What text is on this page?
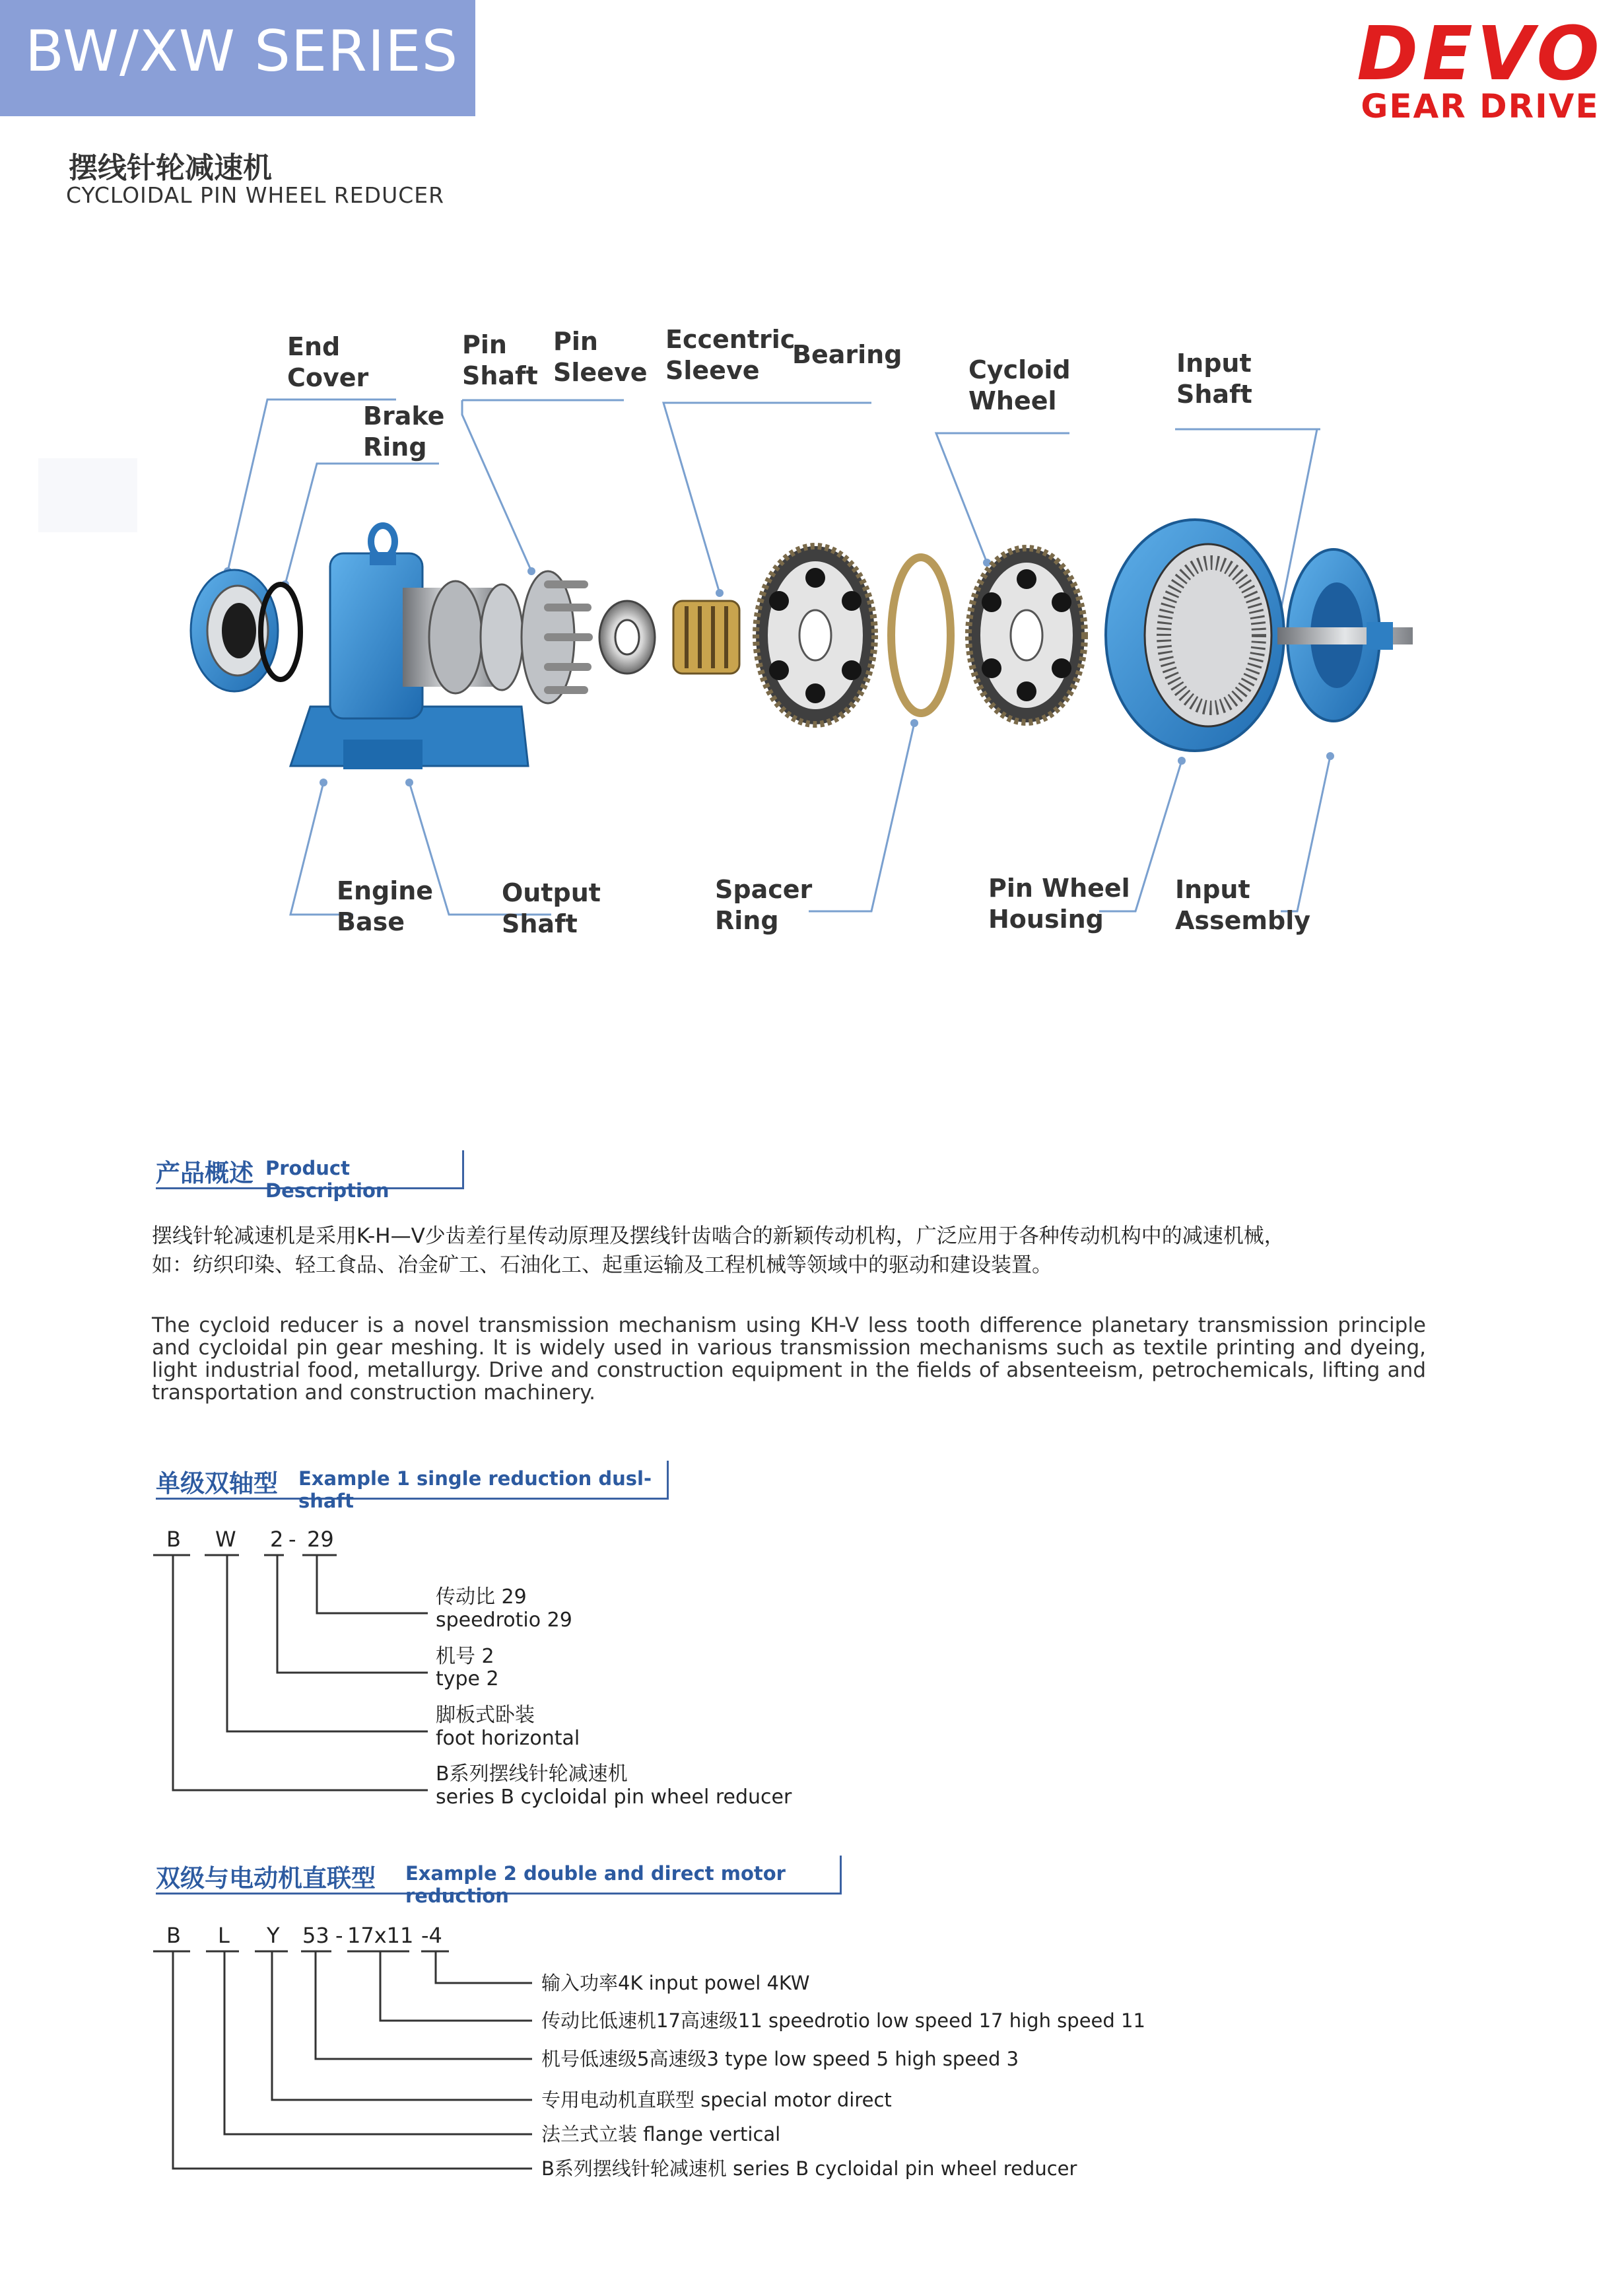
BW/XW SERIES	DEVO
GEAR DRIVE
摆线针轮减速机
CYCLOIDAL PIN WHEEL REDUCER
End Cover
Brake Ring
Pin Shaft
Pin Sleeve
Eccentric Sleeve
Bearing
Cycloid Wheel
Input Shaft
Engine Base
Output Shaft
Spacer Ring
Pin Wheel Housing
Input Assembly
产品概述 Product Description
摆线针轮减速机是采用K-H—V少齿差行星传动原理及摆线针齿啮合的新颖传动机构，广泛应用于各种传动机构中的减速机械，
如：纺织印染、轻工食品、冶金矿工、石油化工、起重运输及工程机械等领域中的驱动和建设装置。
The cycloid reducer is a novel transmission mechanism using KH-V less tooth difference planetary transmission principle and cycloidal pin gear meshing. It is widely used in various transmission mechanisms such as textile printing and dyeing, light industrial food, metallurgy. Drive and construction equipment in the fields of absenteeism, petrochemicals, lifting and transportation and construction machinery.
单级双轴型 Example 1 single reduction dusl-shaft
B W 2 - 29
传动比 29
speedrotio 29
机号 2
type 2
脚板式卧装
foot horizontal
B系列摆线针轮减速机
series B cycloidal pin wheel reducer
双级与电动机直联型 Example 2 double and direct motor reduction
B L Y 53 - 17x11 -4
输入功率4K input powel 4KW
传动比低速机17高速级11 speedrotio low speed 17 high speed 11
机号低速级5高速级3 type low speed 5 high speed 3
专用电动机直联型 special motor direct
法兰式立装 flange vertical
B系列摆线针轮减速机 series B cycloidal pin wheel reducer
